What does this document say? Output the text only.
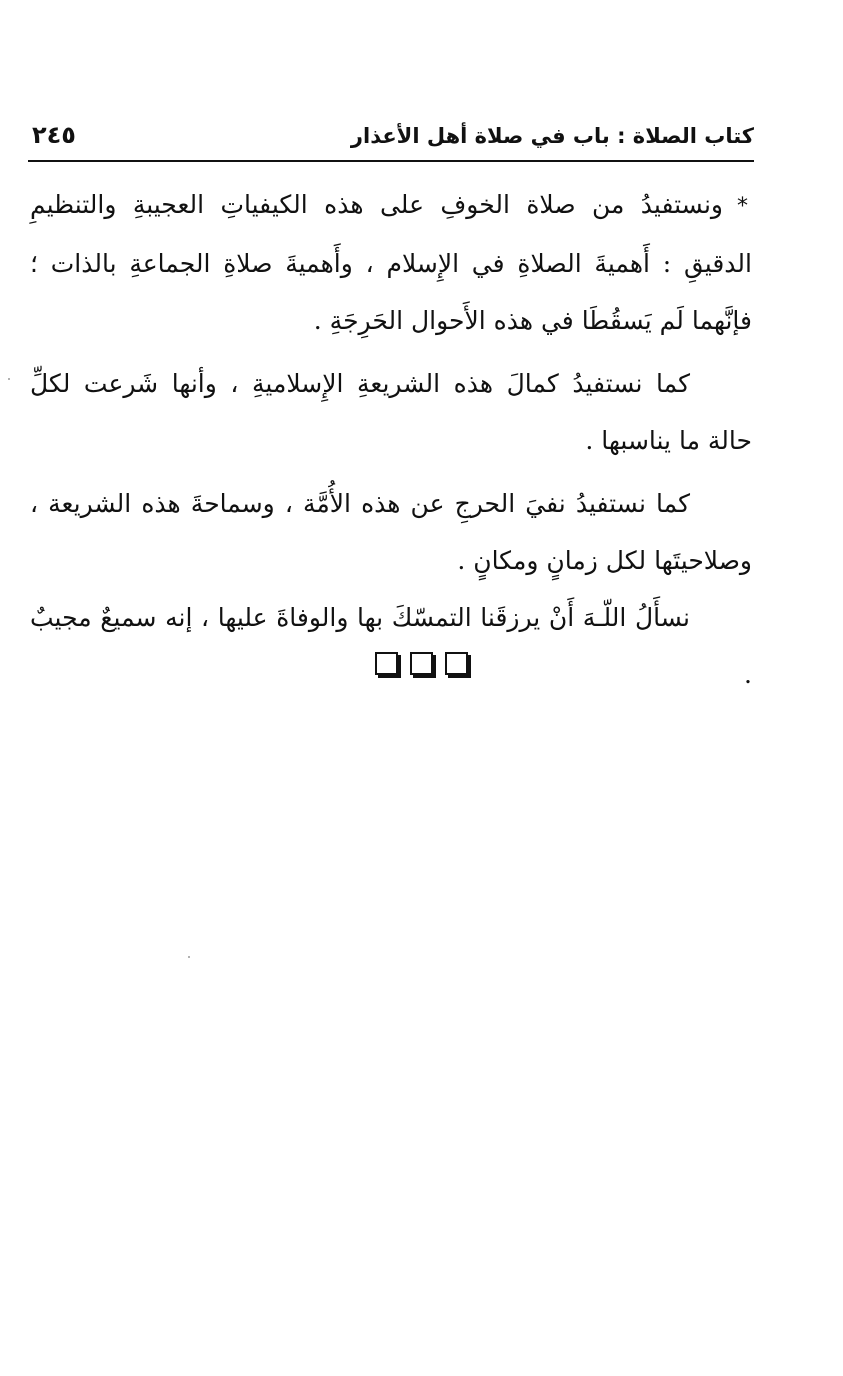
كتاب الصلاة : باب في صلاة أهل الأعذار
٢٤٥

*ونستفيدُ من صلاة الخوفِ على هذه الكيفياتِ العجيبةِ والتنظيمِ الدقيقِ : أَهميةَ الصلاةِ في الإِسلام ، وأَهميةَ صلاةِ الجماعةِ بالذات ؛ فإنَّهما لَم يَسقُطَا في هذه الأَحوال الحَرِجَةِ .

كما نستفيدُ كمالَ هذه الشريعةِ الإِسلاميةِ ، وأنها شَرعت لكلِّ حالة ما يناسبها .

كما نستفيدُ نفيَ الحرجِ عن هذه الأُمَّة ، وسماحةَ هذه الشريعة ، وصلاحيتَها لكل زمانٍ ومكانٍ .

نسأَلُ اللّـهَ أَنْ يرزقَنا التمسّكَ بها والوفاةَ عليها ، إنه سميعٌ مجيبٌ .
